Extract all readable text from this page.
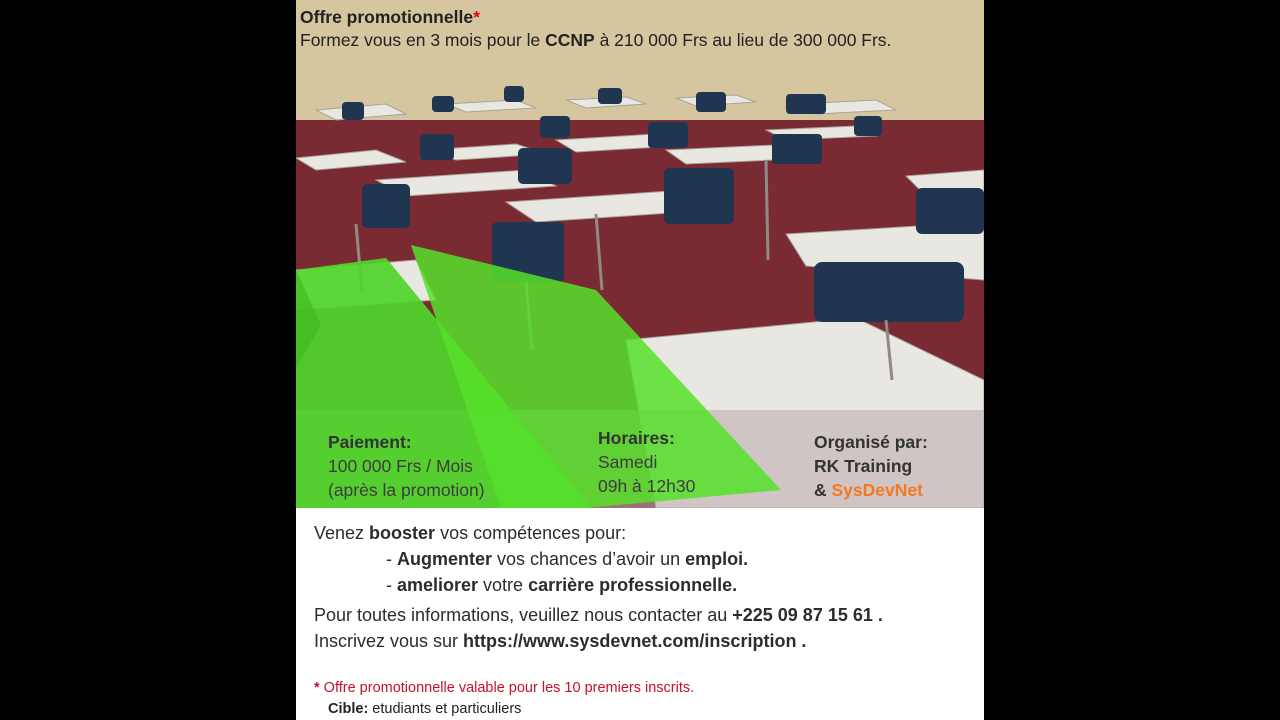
Offre promotionnelle*
Formez vous en 3 mois pour le CCNP à 210 000 Frs au lieu de 300 000 Frs.
Paiement:
100 000 Frs / Mois
(après la promotion)
Horaires:
Samedi
09h à 12h30
Organisé par:
RK Training
& SysDevNet
Venez booster vos compétences pour:
- Augmenter vos chances d’avoir un emploi.
- ameliorer votre carrière professionnelle.
Pour toutes informations, veuillez nous contacter au +225 09 87 15 61 .
Inscrivez vous sur https://www.sysdevnet.com/inscription .
* Offre promotionnelle valable pour les 10 premiers inscrits.
Cible: etudiants et particuliers
